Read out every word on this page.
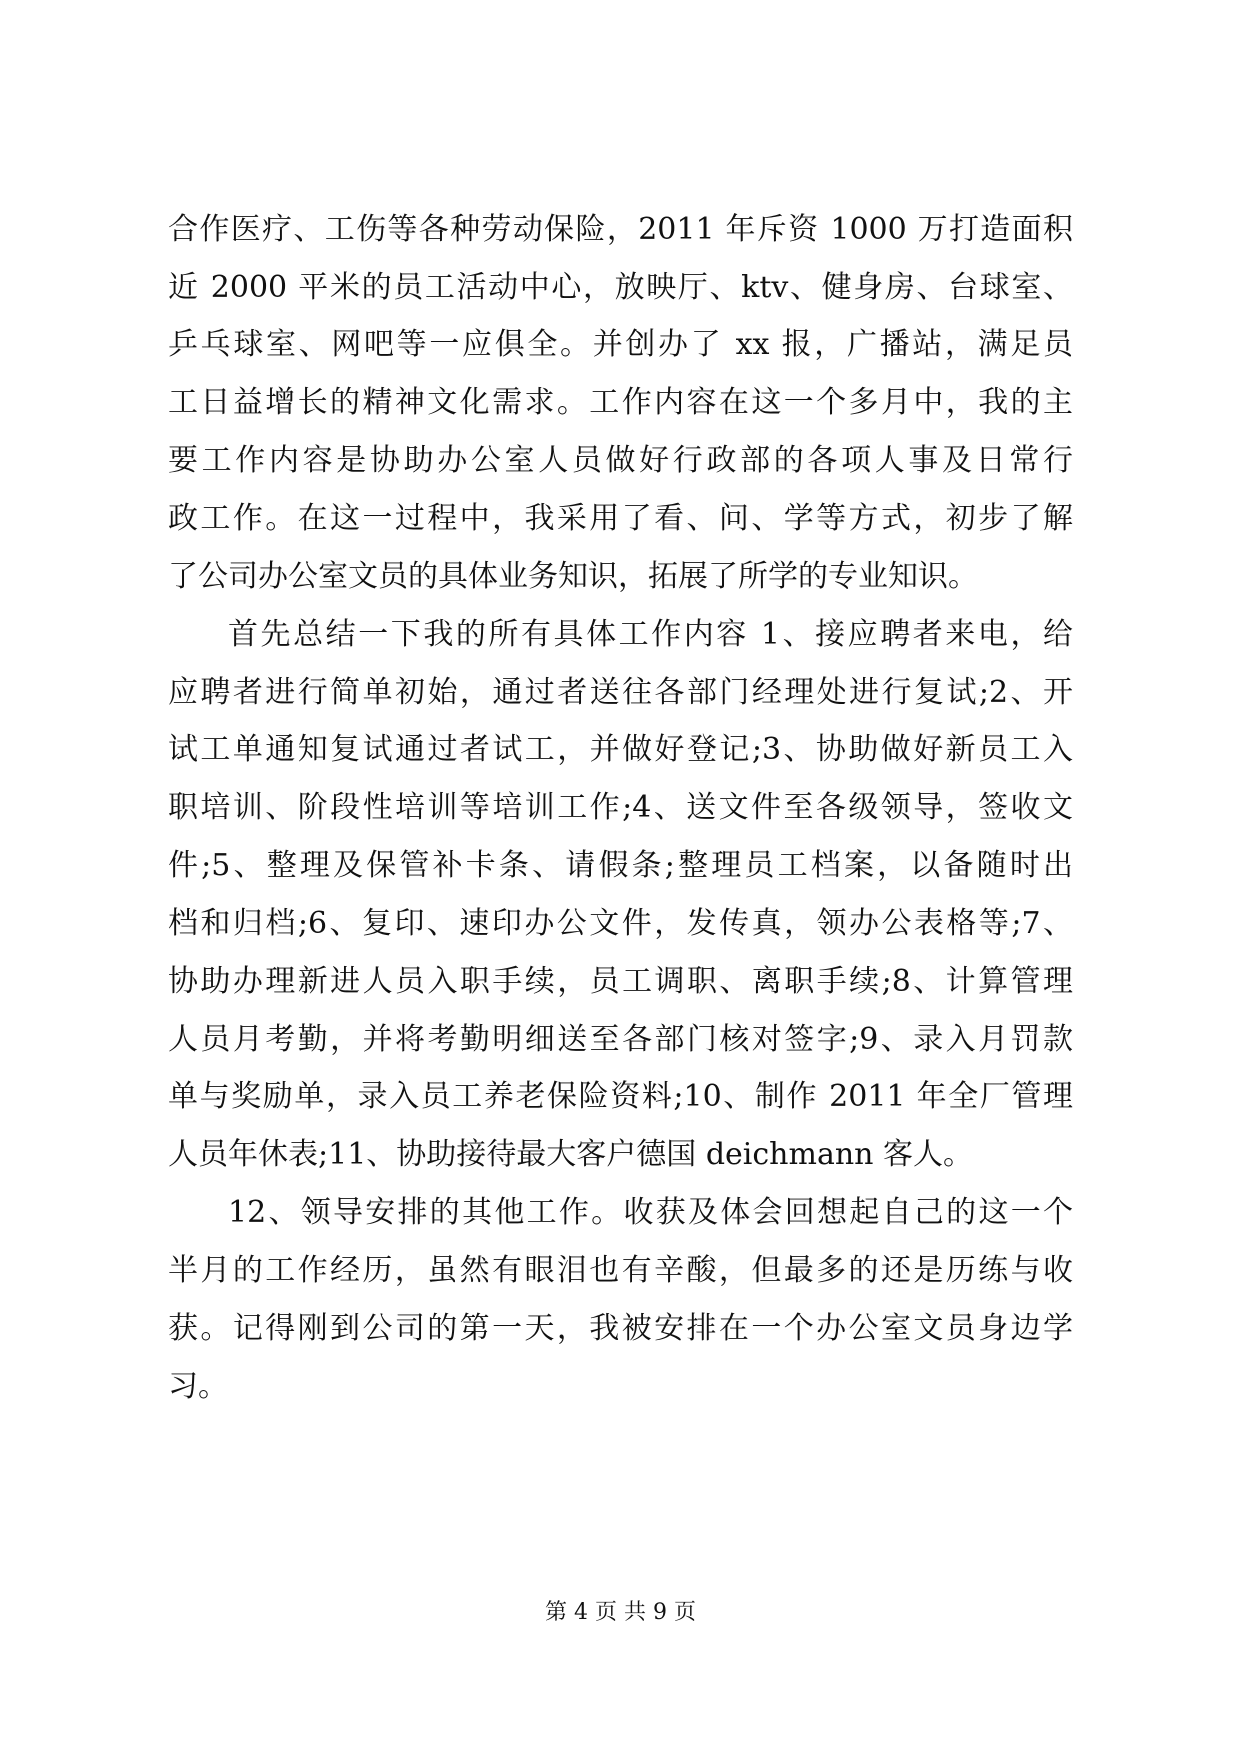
合作医疗、工伤等各种劳动保险，2011 年斥资 1000 万打造面积
近 2000 平米的员工活动中心，放映厅、ktv、健身房、台球室、
乒乓球室、网吧等一应俱全。并创办了 xx 报，广播站，满足员
工日益增长的精神文化需求。工作内容在这一个多月中，我的主
要工作内容是协助办公室人员做好行政部的各项人事及日常行
政工作。在这一过程中，我采用了看、问、学等方式，初步了解
了公司办公室文员的具体业务知识，拓展了所学的专业知识。
首先总结一下我的所有具体工作内容 1、接应聘者来电，给
应聘者进行简单初始，通过者送往各部门经理处进行复试;2、开
试工单通知复试通过者试工，并做好登记;3、协助做好新员工入
职培训、阶段性培训等培训工作;4、送文件至各级领导，签收文
件;5、整理及保管补卡条、请假条;整理员工档案，以备随时出
档和归档;6、复印、速印办公文件，发传真，领办公表格等;7、
协助办理新进人员入职手续，员工调职、离职手续;8、计算管理
人员月考勤，并将考勤明细送至各部门核对签字;9、录入月罚款
单与奖励单，录入员工养老保险资料;10、制作 2011 年全厂管理
人员年休表;11、协助接待最大客户德国 deichmann 客人。
12、领导安排的其他工作。收获及体会回想起自己的这一个
半月的工作经历，虽然有眼泪也有辛酸，但最多的还是历练与收
获。记得刚到公司的第一天，我被安排在一个办公室文员身边学
习。
第 4 页 共 9 页
